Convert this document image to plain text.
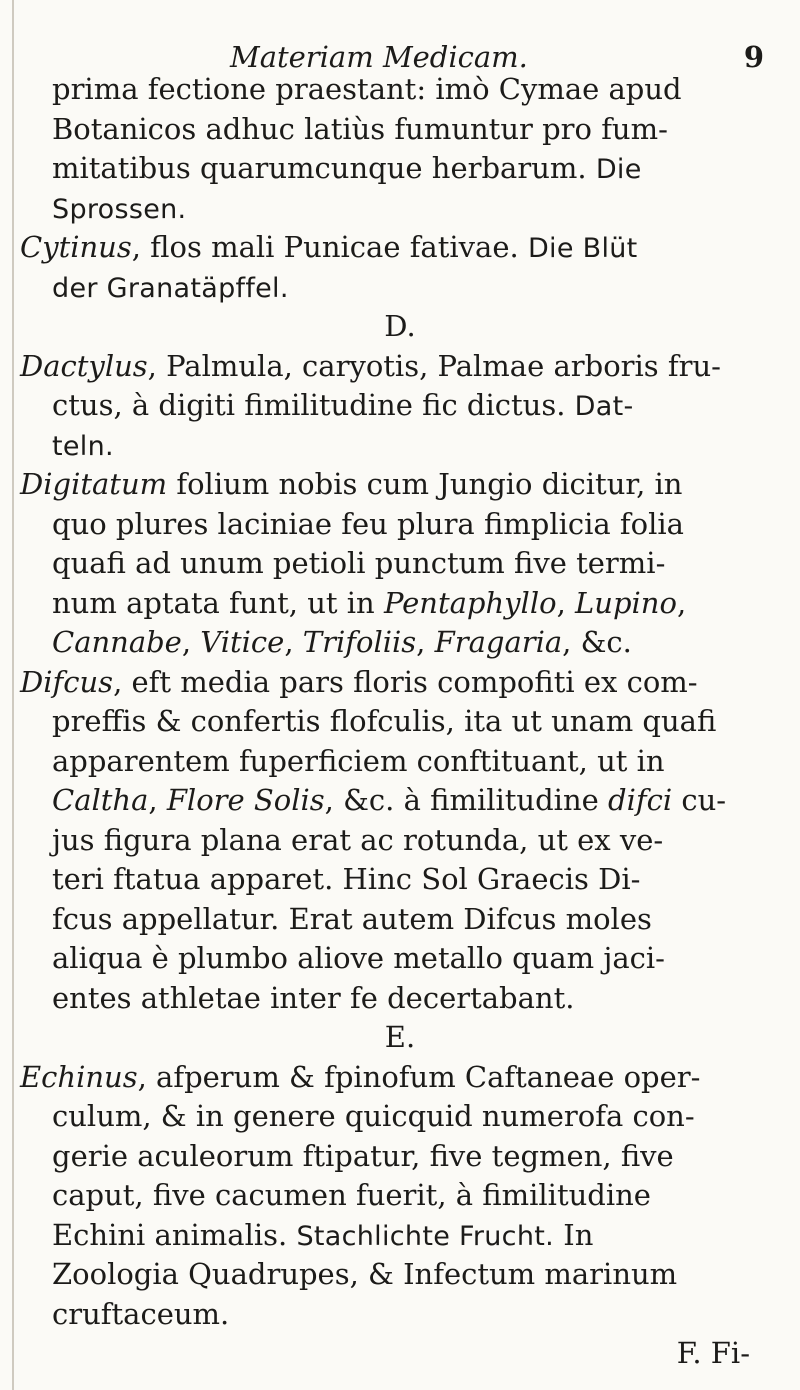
Materiam Medicam.	9
prima fectione praestant: imò Cymae apud
Botanicos adhuc latiùs fumuntur pro fum-
mitatibus quarumcunque herbarum. Die
Sprossen.
Cytinus, flos mali Punicae fativae. Die Blüt
der Granatäpffel.
D.
Dactylus, Palmula, caryotis, Palmae arboris fru-
ctus, à digiti fimilitudine fic dictus. Dat-
teln.
Digitatum folium nobis cum Jungio dicitur, in
quo plures laciniae feu plura fimplicia folia
quafi ad unum petioli punctum five termi-
num aptata funt, ut in Pentaphyllo, Lupino,
Cannabe, Vitice, Trifoliis, Fragaria, &c.
Difcus, eft media pars floris compofiti ex com-
preffis & confertis flofculis, ita ut unam quafi
apparentem fuperficiem conftituant, ut in
Caltha, Flore Solis, &c. à fimilitudine difci cu-
jus figura plana erat ac rotunda, ut ex ve-
teri ftatua apparet. Hinc Sol Graecis Di-
fcus appellatur. Erat autem Difcus moles
aliqua è plumbo aliove metallo quam jaci-
entes athletae inter fe decertabant.
E.
Echinus, afperum & fpinofum Caftaneae oper-
culum, & in genere quicquid numerofa con-
gerie aculeorum ftipatur, five tegmen, five
caput, five cacumen fuerit, à fimilitudine
Echini animalis. Stachlichte Frucht. In
Zoologia Quadrupes, & Infectum marinum
cruftaceum.
F. Fi-
